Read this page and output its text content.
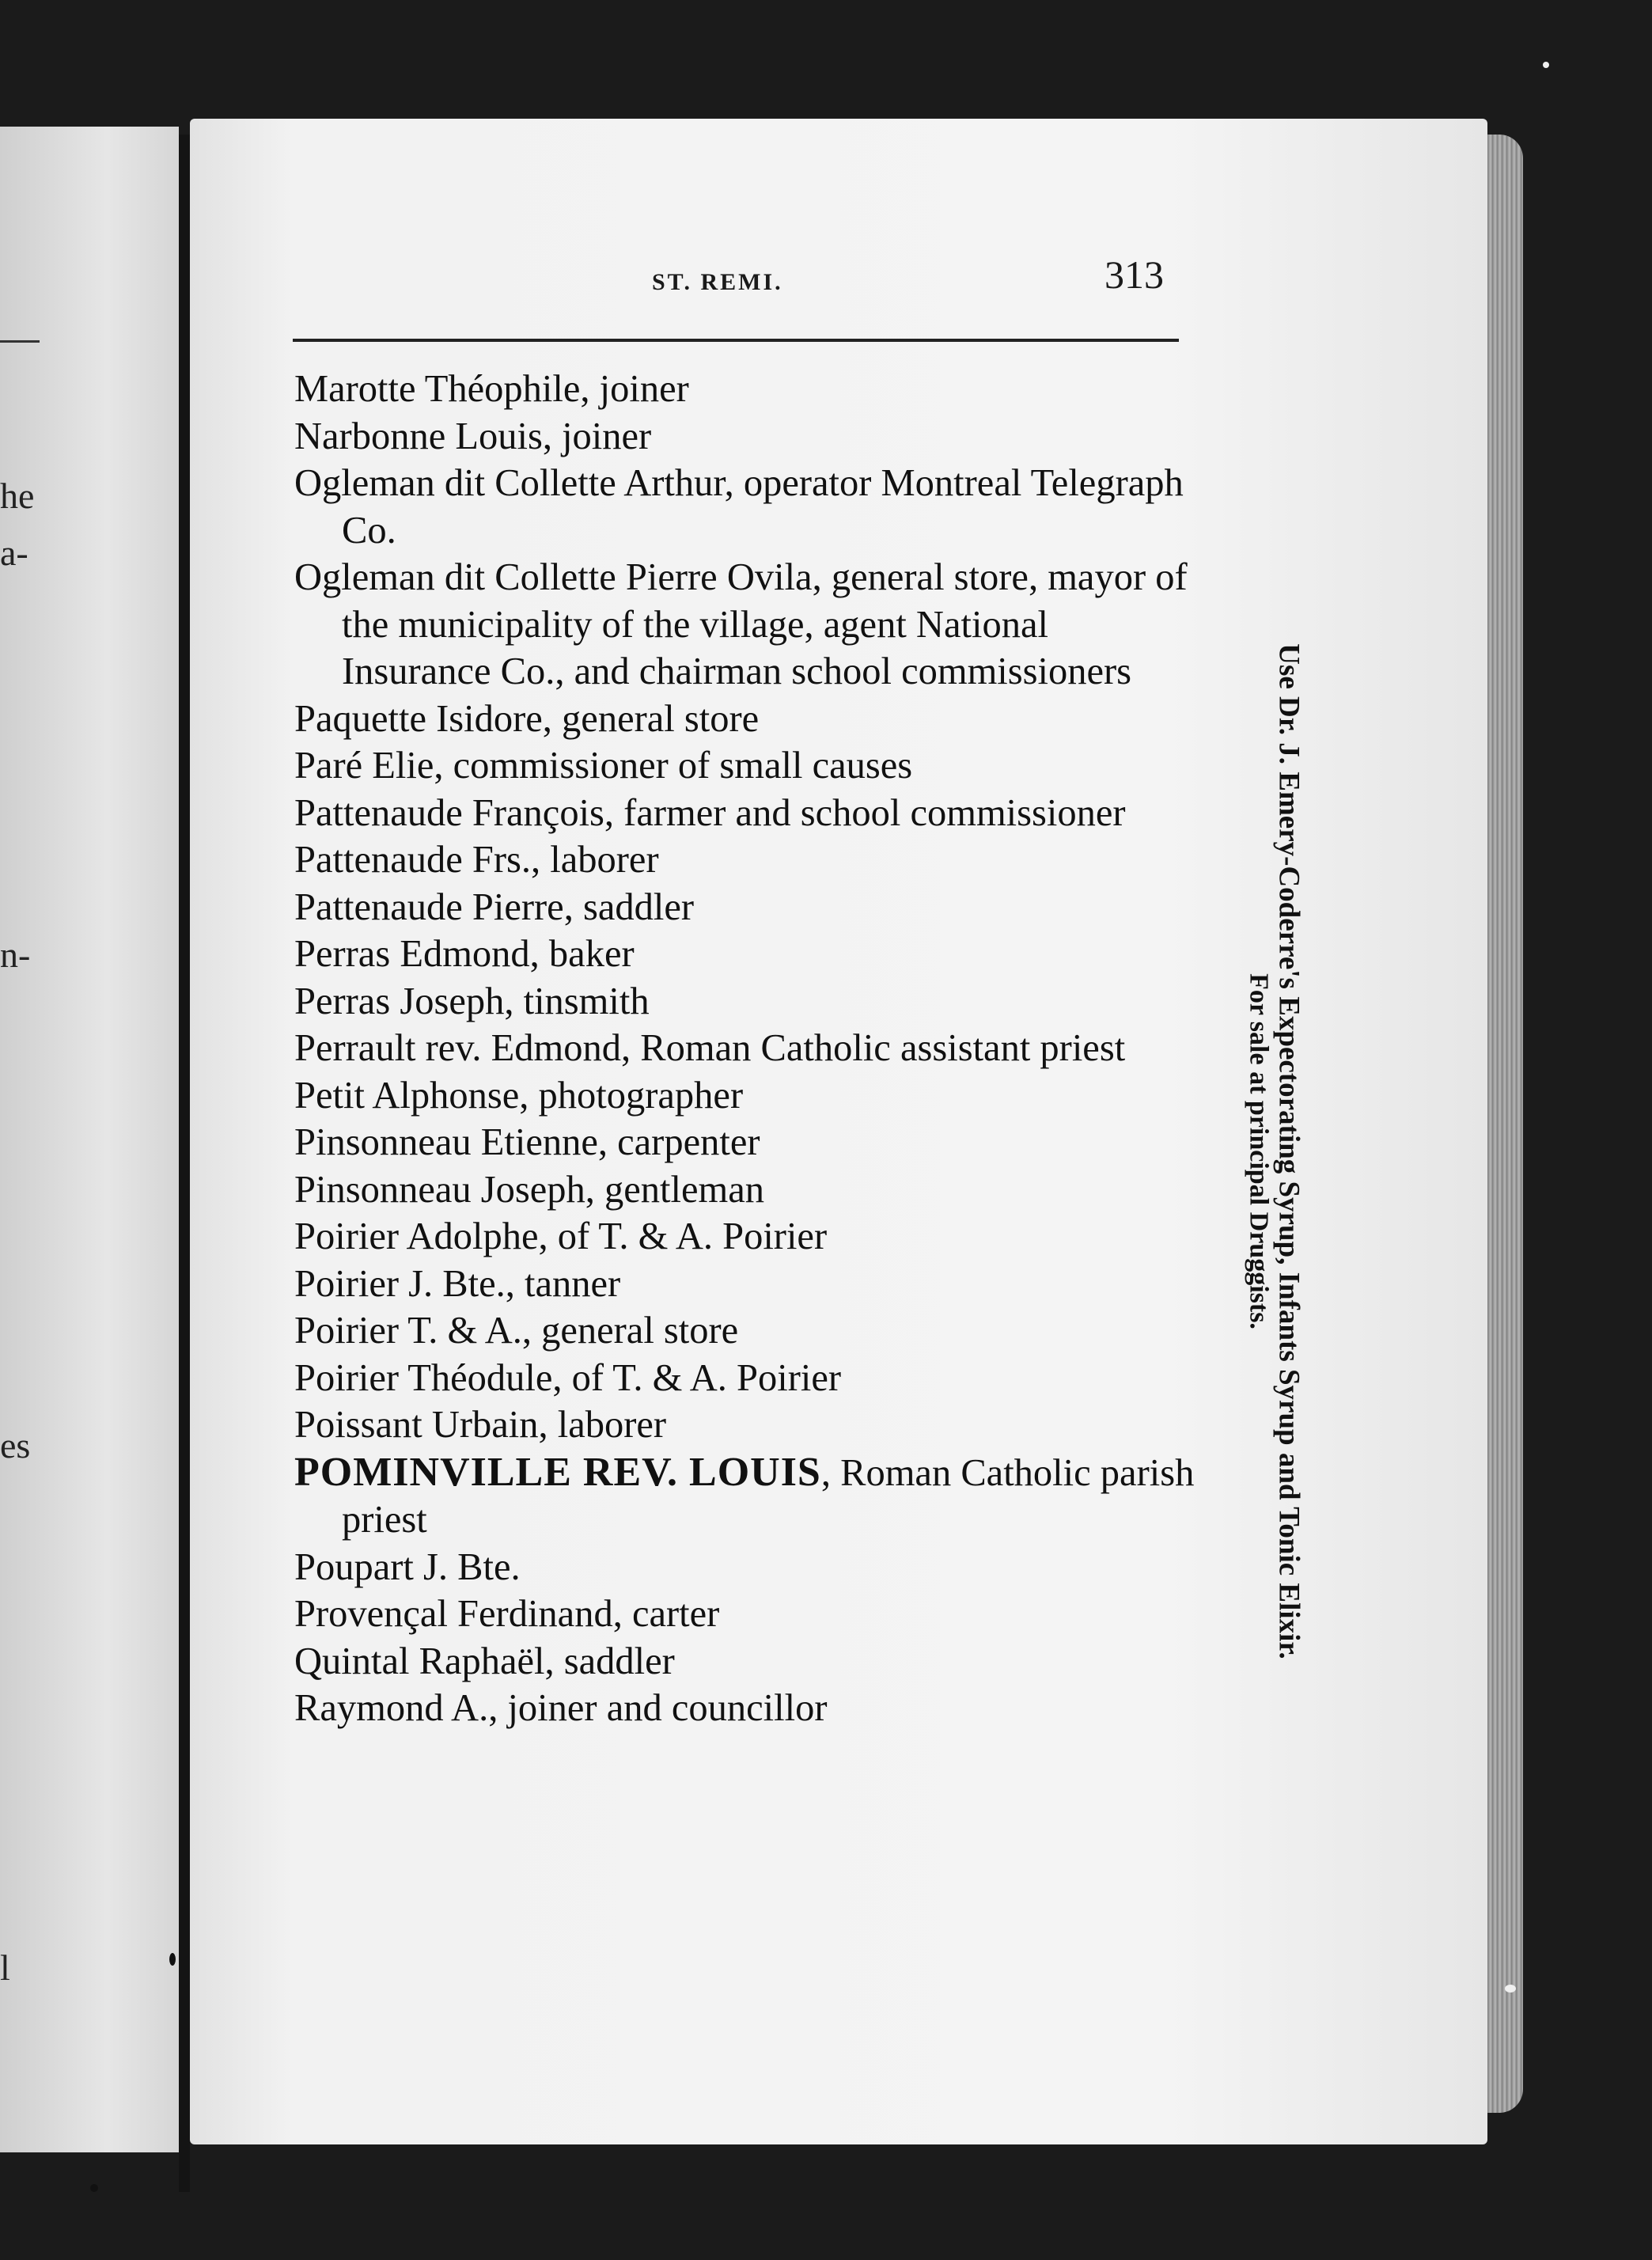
he
a-
n-
es
l
ST. REMI.	313

Marotte Théophile, joiner

Narbonne Louis, joiner

Ogleman dit Collette Arthur, operator Montreal Telegraph Co.

Ogleman dit Collette Pierre Ovila, general store, mayor of the municipality of the village, agent National Insurance Co., and chairman school commissioners

Paquette Isidore, general store

Paré Elie, commissioner of small causes

Pattenaude François, farmer and school commissioner

Pattenaude Frs., laborer

Pattenaude Pierre, saddler

Perras Edmond, baker

Perras Joseph, tinsmith

Perrault rev. Edmond, Roman Catholic assistant priest

Petit Alphonse, photographer

Pinsonneau Etienne, carpenter

Pinsonneau Joseph, gentleman

Poirier Adolphe, of T. & A. Poirier

Poirier J. Bte., tanner

Poirier T. & A., general store

Poirier Théodule, of T. & A. Poirier

Poissant Urbain, laborer

POMINVILLE REV. LOUIS, Roman Catholic parish priest

Poupart J. Bte.

Provençal Ferdinand, carter

Quintal Raphaël, saddler

Raymond A., joiner and councillor

Use Dr. J. Emery-Coderre's Expectorating Syrup, Infants Syrup and Tonic Elixir.
For sale at principal Druggists.
